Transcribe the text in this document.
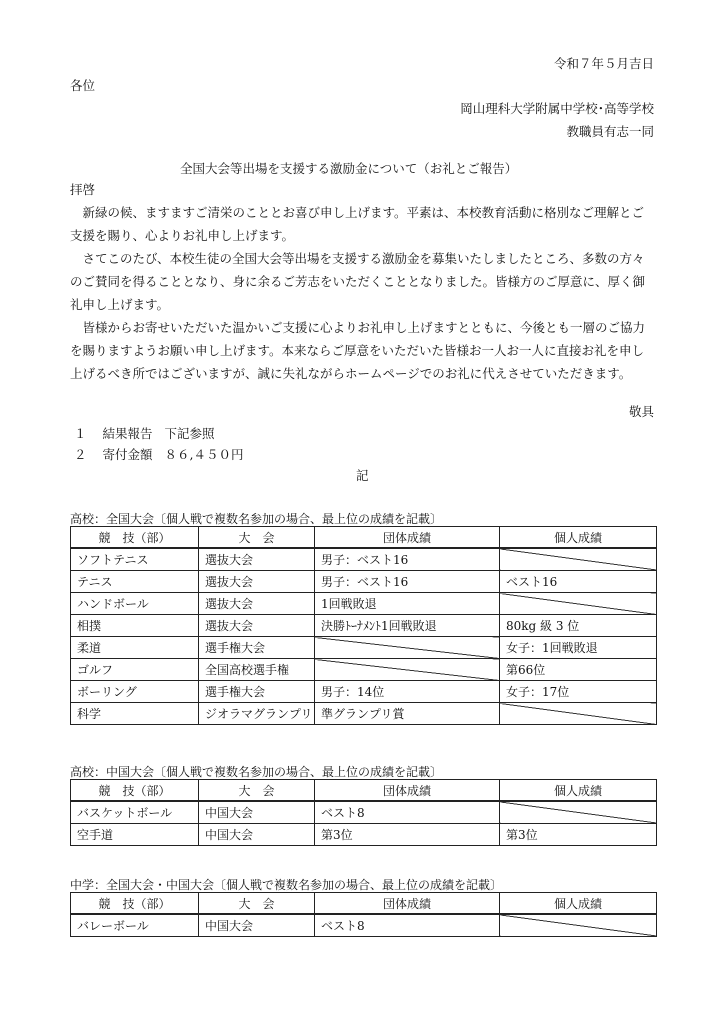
令和７年５月吉日
各位
岡山理科大学附属中学校･高等学校
教職員有志一同
全国大会等出場を支援する激励金について（お礼とご報告）
拝啓

新緑の候、ますますご清栄のこととお喜び申し上げます。平素は、本校教育活動に格別なご理解とご支援を賜り、心よりお礼申し上げます。

さてこのたび、本校生徒の全国大会等出場を支援する激励金を募集いたしましたところ、多数の方々のご賛同を得ることとなり、身に余るご芳志をいただくこととなりました。皆様方のご厚意に、厚く御礼申し上げます。

皆様からお寄せいただいた温かいご支援に心よりお礼申し上げますとともに、今後とも一層のご協力を賜りますようお願い申し上げます。本来ならご厚意をいただいた皆様お一人お一人に直接お礼を申し上げるべき所ではございますが、誠に失礼ながらホームページでのお礼に代えさせていただきます。

敬具
１ 結果報告 下記参照
２ 寄付金額 ８６,４５０円
記
高校：全国大会〔個人戦で複数名参加の場合、最上位の成績を記載〕
競　技（部）	大　会	団体成績	個人成績
ソフトテニス	選抜大会	男子：ベスト16	
テニス	選抜大会	男子：ベスト16	ベスト16
ハンドボール	選抜大会	1回戦敗退	
相撲	選抜大会	決勝ﾄｰﾅﾒﾝﾄ1回戦敗退	80kg 級 3 位
柔道	選手権大会		女子：1回戦敗退
ゴルフ	全国高校選手権		第66位
ボーリング	選手権大会	男子：14位	女子：17位
科学	ジオラマグランプリ	準グランプリ賞	
高校：中国大会〔個人戦で複数名参加の場合、最上位の成績を記載〕
競　技（部）	大　会	団体成績	個人成績
バスケットボール	中国大会	ベスト8	
空手道	中国大会	第3位	第3位
中学：全国大会・中国大会〔個人戦で複数名参加の場合、最上位の成績を記載〕
競　技（部）	大　会	団体成績	個人成績
バレーボール	中国大会	ベスト8	
